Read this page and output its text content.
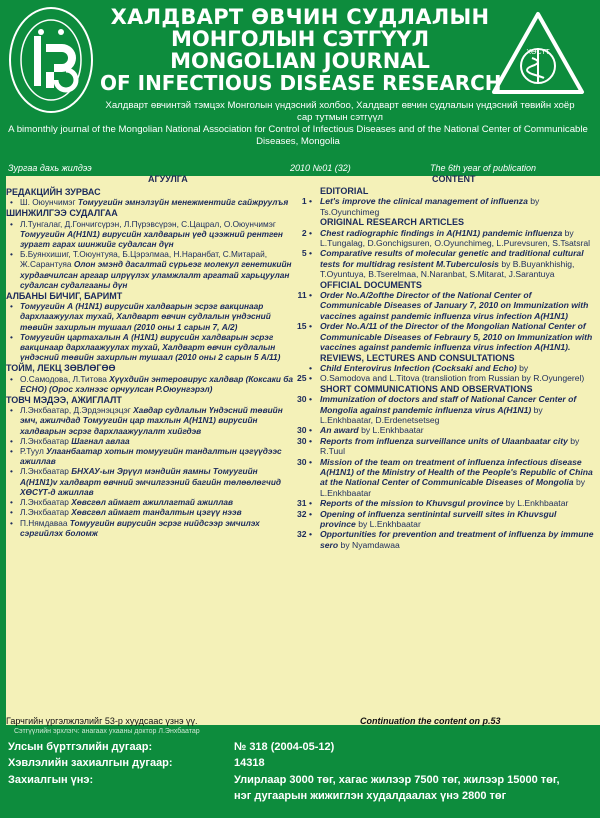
ХӨСҮТ
ХАЛДВАРТ ӨВЧИН СУДЛАЛЫН
МОНГОЛЫН СЭТГҮҮЛ
MONGOLIAN JOURNAL
OF INFECTIOUS DISEASE RESEARCH
Халдварт өвчинтэй тэмцэх Монголын үндэсний холбоо, Халдварт өвчин судлалын үндэсний төвийн хоёр сар тутмын сэтгүүл
A bimonthly journal of the Mongolian National Association for Control of Infectious Diseases and of the National Center of Communicable Diseases, Mongolia
Зургаа дахь жилдээ	2010 №01 (32)	The 6th year of publication
АГУУЛГА	CONTENT
РЕДАКЦИЙН ЗУРВАС
• Ш. Оюунчимэг Томуугийн эмнэлзүйн менежментийг сайжруулъя
ШИНЖИЛГЭЭ СУДАЛГАА
• Л.Тунгалаг, Д.Гончигсүрэн, Л.Пүрэвсүрэн, С.Цацрал, О.Оюунчимэг Томуугийн А(H1N1) вирусийн халдварын үед цээжний рентген зурагт гарах шинжийг судалсан дүн
• Б.Буянхишиг, Т.Оюунтуяа, Б.Цэрэлмаа, Н.Наранбат, С.Митарай, Ж.Сарантуяа Олон эмэнд дасалтай сүрьеэг молекул генетикийн хурдавчилсан аргаар илрүүлэх уламжлалт аргатай харьцуулан судалсан судалгааны дүн
АЛБАНЫ БИЧИГ, БАРИМТ
• Томуугийн А (H1N1) вирусийн халдварын эсрэг вакцинаар дархлаажуулах тухай, Халдварт өвчин судлалын үндэсний төвийн захирлын тушаал (2010 оны 1 сарын 7, А/2)
• Томуугийн цартахалын А (H1N1) вирусийн халдварын эсрэг вакцинаар дархлаажуулах тухай, Халдварт өвчин судлалын үндэсний төвийн захирлын тушаал (2010 оны 2 сарын 5 А/11)
ТОЙМ, ЛЕКЦ ЗӨВЛӨГӨӨ
• О.Самодова, Л.Титова Хүүхдийн энтеровирус халдвар (Коксаки ба ECHO) (Орос хэлнээс орчуулсан Р.Оюунгэрэл)
ТОВЧ МЭДЭЭ, АЖИГЛАЛТ
• Л.Энхбаатар, Д.Эрдэнэцэцэг Хавдар судлалын Үндэсний төвийн эмч, ажилчдад Томуугийн цар тахлын A(H1N1) вирусийн халдварын эсрэг дархлаажуулалт хийгдэв
• Л.Энхбаатар Шагнал авлаа
• Р.Туул Улаанбаатар хотын томуугийн тандалтын цэгүүдээс ажиллав
• Л.Энхбаатар БНХАУ-ын Эрүүл мэндийн яамны Томуугийн A(H1N1)v халдварт өвчний эмчилгээний багийн төлөөлөгчид ХӨСҮТ-д ажиллав
• Л.Энхбаатар Хөвсгөл аймагт ажиллагтай ажиллав
• Л.Энхбаатар Хөвсгөл аймагт тандалтын цэгүү нээв
• П.Нямдаваа Томуугийн вирусийн эсрэг нийдсээр эмчилэх сэргийлэх боломж
EDITORIAL
1 • Let's improve the clinical management of influenza by Ts.Oyunchimeg
ORIGINAL RESEARCH ARTICLES
2 • Chest radiographic findings in A(H1N1) pandemic influenza by L.Tungalag, D.Gonchigsuren, O.Oyunchimeg, L.Purevsuren, S.Tsatsral
5 • Comparative results of molecular genetic and traditional cultural tests for multidrag resistent M.Tuberculosis by B.Buyankhishig, T.Oyuntuya, B.Tserelmaa, N.Naranbat, S.Mitarat, J.Sarantuya
OFFICIAL DOCUMENTS
11 • Order No.A/2ofthe Director of the National Center of Communicable Diseases of January 7, 2010 on Immunization with vaccines against pandemic influenza virus infection A(H1N1)
15 • Order No.A/11 of the Director of the Mongolian National Center of Communicable Diseases of Febraury 5, 2010 on Immunization with vaccines against pandemic influenza virus infection A(H1N1).
REVIEWS, LECTURES AND CONSULTATIONS
• Child Enterovirus Infection (Cocksaki and Echo) by
25 • O.Samodova and L.Titova (transliotion from Russian by R.Oyungerel)
SHORT COMMUNICATIONS AND OBSERVATIONS
30 • Immunization of doctors and staff of National Cancer Center of Mongolia against pandemic influenza virus A(H1N1) by L.Enkhbaatar, D.Erdenetsetseg
30 • An award by L.Enkhbaatar
30 • Reports from influenza surveillance units of Ulaanbaatar city by R.Tuul
30 • Mission of the team on treatment of influenza infectious disease A(H1N1) of the Ministry of Health of the People's Republic of China at the National Center of Communicable Diseases of Mongolia by L.Enkhbaatar
31 • Reports of the mission to Khuvsgul province by L.Enkhbaatar
32 • Opening of influenza sentinintal surveill sites in Khuvsgul province by L.Enkhbaatar
32 • Opportunities for prevention and treatment of influenza by immune sero by Nyamdawaa
Гарчгийн үргэлжлэлийг 53-р хуудсаас үзнэ үү.	Continuation the content on p.53
Сэтгүүлийн эрхлэгч: анагаах ухааны доктор Л.Энхбаатар
Улсын бүртгэлийн дугаар:	№ 318 (2004-05-12)
Хэвлэлийн захиалгын дугаар:	14318
Захиалгын үнэ:	Улирлаар 3000 төг, хагас жилээр 7500 төг, жилээр 15000 төг,
нэг дугаарын жижиглэн худалдаалах үнэ 2800 төг
